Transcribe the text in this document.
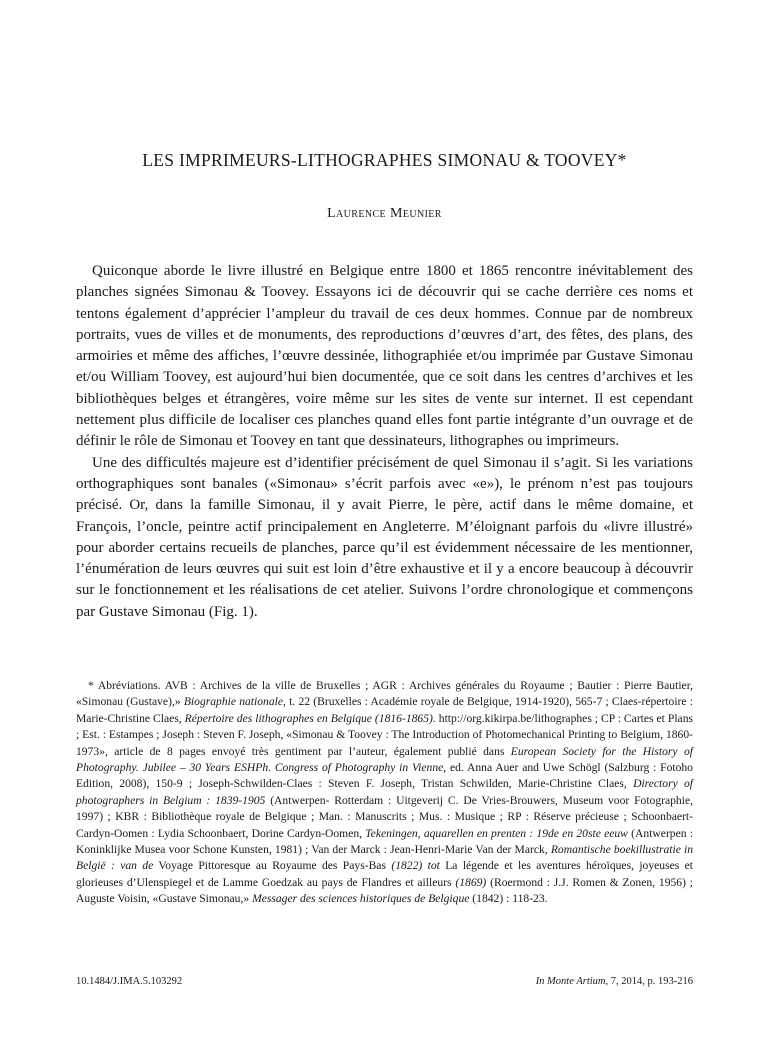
LES IMPRIMEURS-LITHOGRAPHES SIMONAU & TOOVEY*
Laurence Meunier

Quiconque aborde le livre illustré en Belgique entre 1800 et 1865 rencontre inévitablement des planches signées Simonau & Toovey. Essayons ici de découvrir qui se cache derrière ces noms et tentons également d’apprécier l’ampleur du travail de ces deux hommes. Connue par de nombreux portraits, vues de villes et de monuments, des reproductions d’œuvres d’art, des fêtes, des plans, des armoiries et même des affiches, l’œuvre dessinée, lithographiée et/ou imprimée par Gustave Simonau et/ou William Toovey, est aujourd’hui bien documentée, que ce soit dans les centres d’archives et les bibliothèques belges et étrangères, voire même sur les sites de vente sur internet. Il est cependant nettement plus difficile de localiser ces planches quand elles font partie intégrante d’un ouvrage et de définir le rôle de Simonau et Toovey en tant que dessinateurs, lithographes ou imprimeurs.

Une des difficultés majeure est d’identifier précisément de quel Simonau il s’agit. Si les variations orthographiques sont banales («Simonau» s’écrit parfois avec «e»), le prénom n’est pas toujours précisé. Or, dans la famille Simonau, il y avait Pierre, le père, actif dans le même domaine, et François, l’oncle, peintre actif principalement en Angleterre. M’éloignant parfois du «livre illustré» pour aborder certains recueils de planches, parce qu’il est évidemment nécessaire de les mentionner, l’énumération de leurs œuvres qui suit est loin d’être exhaustive et il y a encore beaucoup à découvrir sur le fonctionnement et les réalisations de cet atelier. Suivons l’ordre chronologique et commençons par Gustave Simonau (Fig. 1).

* Abréviations. AVB : Archives de la ville de Bruxelles ; AGR : Archives générales du Royaume ; Bautier : Pierre Bautier, «Simonau (Gustave),» Biographie nationale, t. 22 (Bruxelles : Académie royale de Belgique, 1914-1920), 565-7 ; Claes-répertoire : Marie-Christine Claes, Répertoire des lithographes en Belgique (1816-1865). http://org.kikirpa.be/lithographes ; CP : Cartes et Plans ; Est. : Estampes ; Joseph : Steven F. Joseph, «Simonau & Toovey : The Introduction of Photomechanical Printing to Belgium, 1860-1973», article de 8 pages envoyé très gentiment par l’auteur, également publié dans European Society for the History of Photography. Jubilee – 30 Years ESHPh. Congress of Photography in Vienne, ed. Anna Auer and Uwe Schögl (Salzburg : Fotoho Edition, 2008), 150-9 ; Joseph-Schwilden-Claes : Steven F. Joseph, Tristan Schwilden, Marie-Christine Claes, Directory of photographers in Belgium : 1839-1905 (Antwerpen- Rotterdam : Uitgeverij C. De Vries-Brouwers, Museum voor Fotographie, 1997) ; KBR : Bibliothèque royale de Belgique ; Man. : Manuscrits ; Mus. : Musique ; RP : Réserve précieuse ; Schoonbaert-Cardyn-Oomen : Lydia Schoonbaert, Dorine Cardyn-Oomen, Tekeningen, aquarellen en prenten : 19de en 20ste eeuw (Antwerpen : Koninklijke Musea voor Schone Kunsten, 1981) ; Van der Marck : Jean-Henri-Marie Van der Marck, Romantische boekillustratie in België : van de Voyage Pittoresque au Royaume des Pays-Bas (1822) tot La légende et les aventures héroïques, joyeuses et glorieuses d’Ulenspiegel et de Lamme Goedzak au pays de Flandres et ailleurs (1869) (Roermond : J.J. Romen & Zonen, 1956) ; Auguste Voisin, «Gustave Simonau,» Messager des sciences historiques de Belgique (1842) : 118-23.

10.1484/J.IMA.5.103292	In Monte Artium, 7, 2014, p. 193-216
